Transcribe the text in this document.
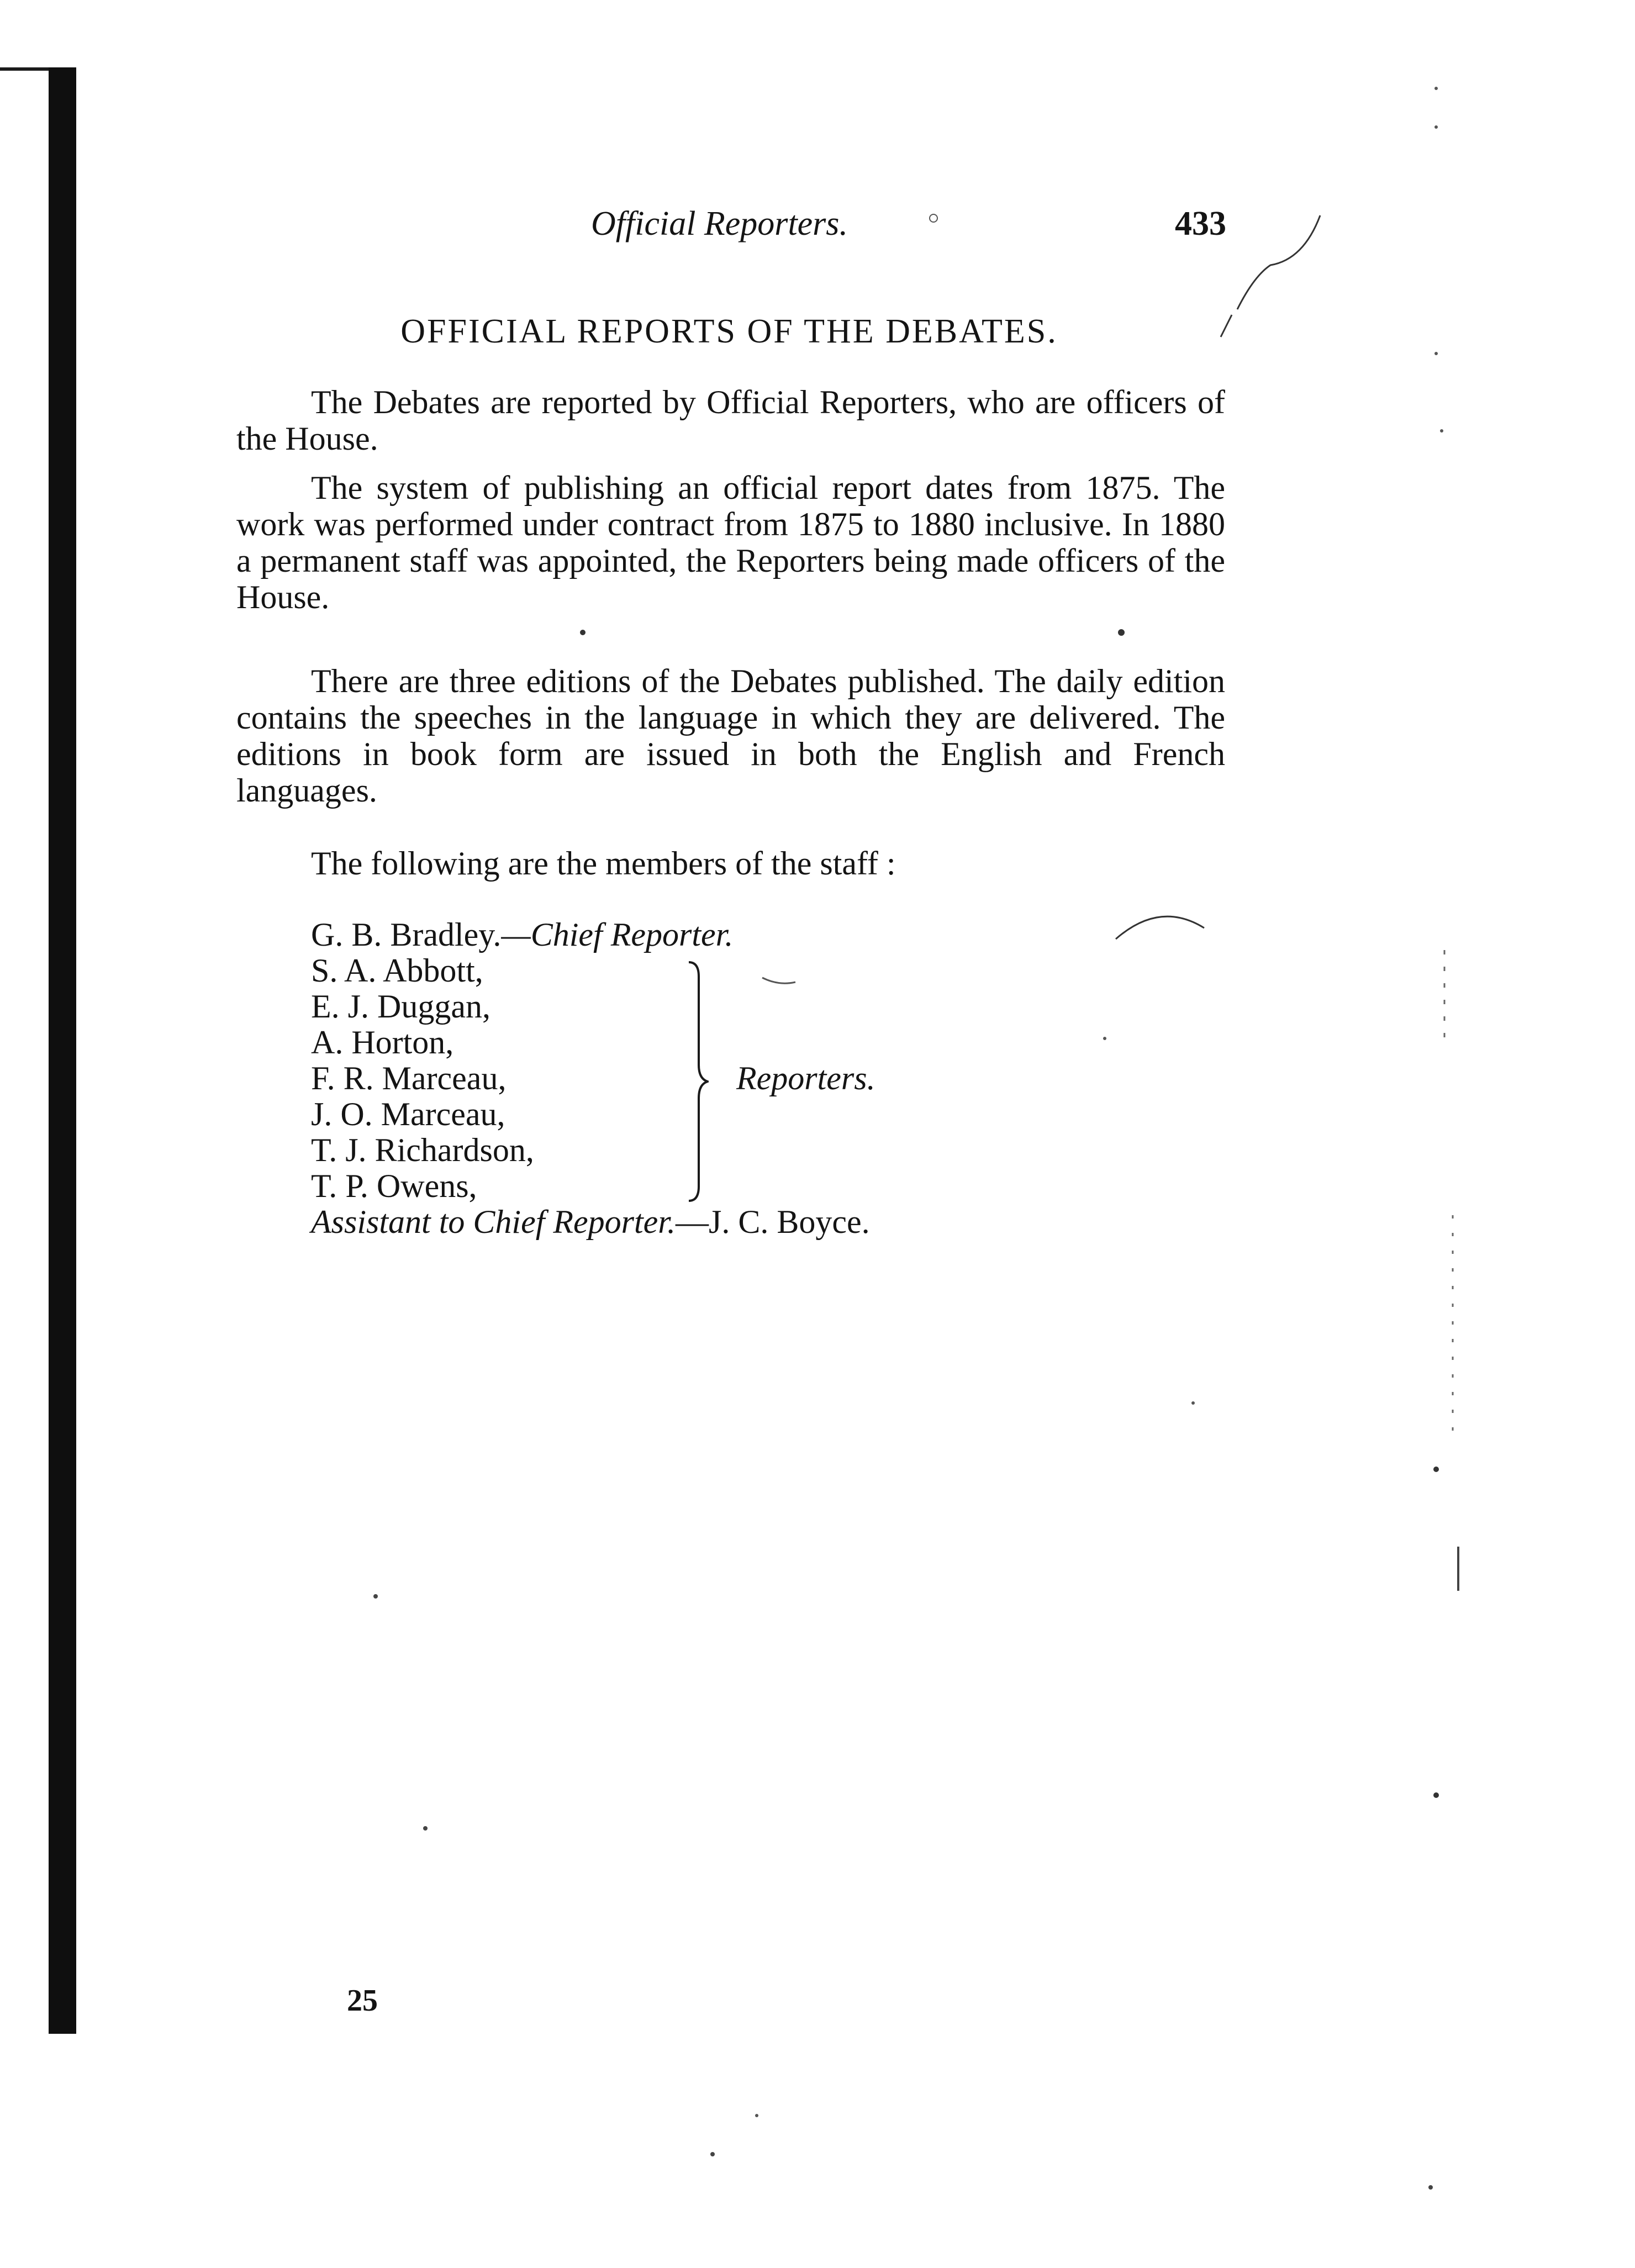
Official Reporters.	433
OFFICIAL REPORTS OF THE DEBATES.

The Debates are reported by Official Reporters, who are officers of the House.

The system of publishing an official report dates from 1875. The work was performed under contract from 1875 to 1880 inclusive. In 1880 a permanent staff was appointed, the Reporters being made officers of the House.

There are three editions of the Debates published. The daily edition contains the speeches in the language in which they are delivered. The editions in book form are issued in both the English and French languages.

The following are the members of the staff :

G. B. Bradley.—Chief Reporter.
S. A. Abbott,
E. J. Duggan,
A. Horton,
F. R. Marceau,
J. O. Marceau,
T. J. Richardson,
T. P. Owens,
Assistant to Chief Reporter.—J. C. Boyce.
Reporters.
25
